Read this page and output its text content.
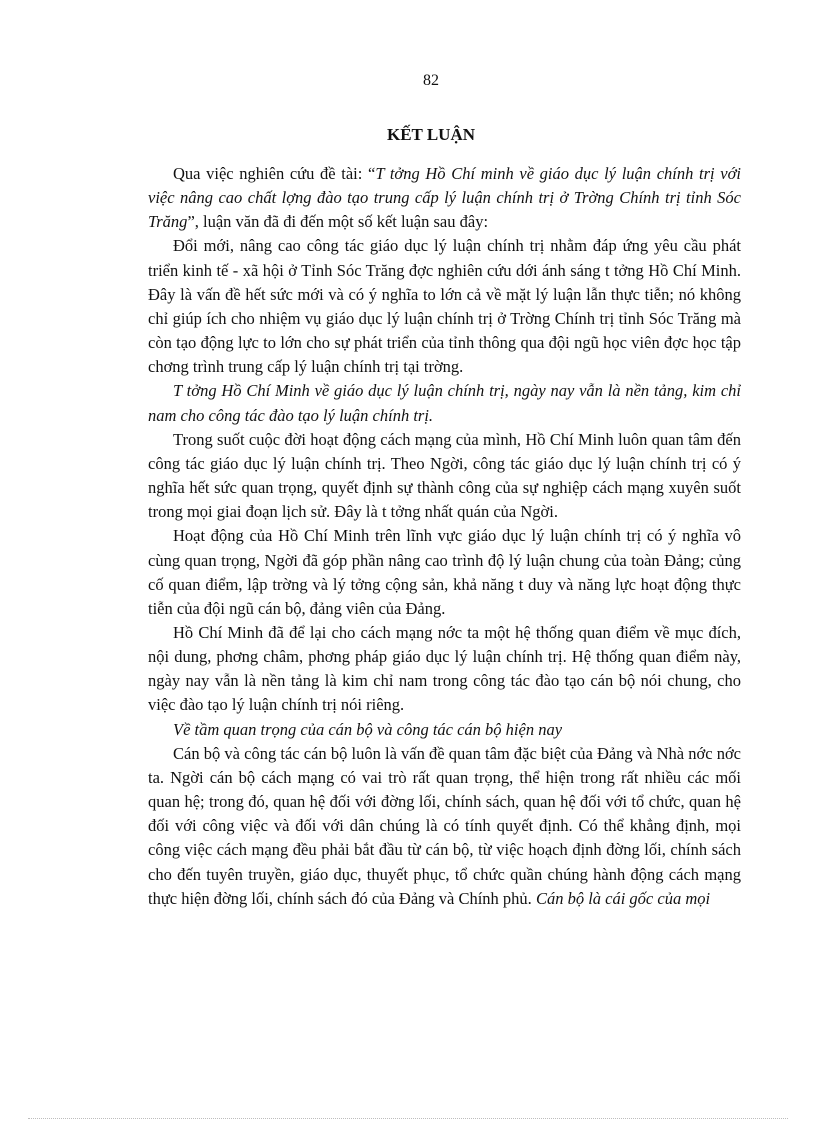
82
KẾT LUẬN

Qua việc nghiên cứu đề tài: “T tởng Hồ Chí minh về giáo dục lý luận chính trị với việc nâng cao chất lợng đào tạo trung cấp lý luận chính trị ở Trờng Chính trị tỉnh Sóc Trăng”, luận văn đã đi đến một số kết luận sau đây:

Đổi mới, nâng cao công tác giáo dục lý luận chính trị nhằm đáp ứng yêu cầu phát triển kinh tế - xã hội ở Tỉnh Sóc Trăng đợc nghiên cứu dới ánh sáng t tởng Hồ Chí Minh. Đây là vấn đề hết sức mới và có ý nghĩa to lớn cả về mặt lý luận lẫn thực tiễn; nó không chỉ giúp ích cho nhiệm vụ giáo dục lý luận chính trị ở Trờng Chính trị tỉnh Sóc Trăng mà còn tạo động lực to lớn cho sự phát triển của tỉnh thông qua đội ngũ học viên đợc học tập chơng trình trung cấp lý luận chính trị tại trờng.

T tởng Hồ Chí Minh về giáo dục lý luận chính trị, ngày nay vẫn là nền tảng, kim chỉ nam cho công tác đào tạo lý luận chính trị.

Trong suốt cuộc đời hoạt động cách mạng của mình, Hồ Chí Minh luôn quan tâm đến công tác giáo dục lý luận chính trị. Theo Ngời, công tác giáo dục lý luận chính trị có ý nghĩa hết sức quan trọng, quyết định sự thành công của sự nghiệp cách mạng xuyên suốt trong mọi giai đoạn lịch sử. Đây là t tởng nhất quán của Ngời.

Hoạt động của Hồ Chí Minh trên lĩnh vực giáo dục lý luận chính trị có ý nghĩa vô cùng quan trọng, Ngời đã góp phần nâng cao trình độ lý luận chung của toàn Đảng; củng cố quan điểm, lập trờng và lý tởng cộng sản, khả năng t duy và năng lực hoạt động thực tiễn của đội ngũ cán bộ, đảng viên của Đảng.

Hồ Chí Minh đã để lại cho cách mạng nớc ta một hệ thống quan điểm về mục đích, nội dung, phơng châm, phơng pháp giáo dục lý luận chính trị. Hệ thống quan điểm này, ngày nay vẫn là nền tảng là kim chỉ nam trong công tác đào tạo cán bộ nói chung, cho việc đào tạo lý luận chính trị nói riêng.

Về tầm quan trọng của cán bộ và công tác cán bộ hiện nay

Cán bộ và công tác cán bộ luôn là vấn đề quan tâm đặc biệt của Đảng và Nhà nớc nớc ta. Ngời cán bộ cách mạng có vai trò rất quan trọng, thể hiện trong rất nhiều các mối quan hệ; trong đó, quan hệ đối với đờng lối, chính sách, quan hệ đối với tổ chức, quan hệ đối với công việc và đối với dân chúng là có tính quyết định. Có thể khẳng định, mọi công việc cách mạng đều phải bắt đầu từ cán bộ, từ việc hoạch định đờng lối, chính sách cho đến tuyên truyền, giáo dục, thuyết phục, tổ chức quần chúng hành động cách mạng thực hiện đờng lối, chính sách đó của Đảng và Chính phủ. Cán bộ là cái gốc của mọi
